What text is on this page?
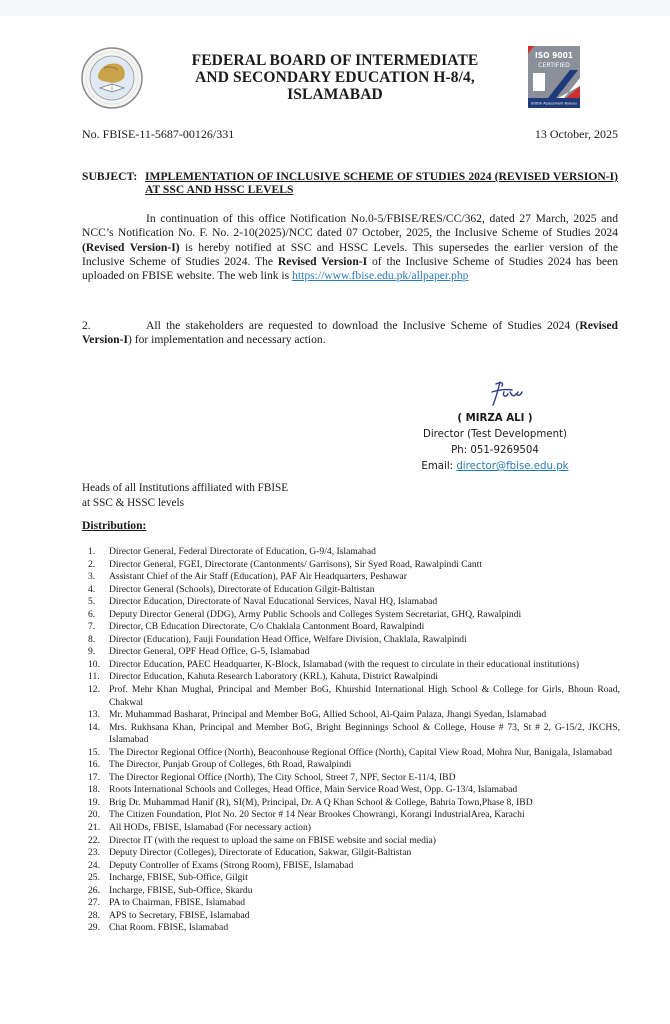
FEDERAL BOARD OF INTERMEDIATE
AND SECONDARY EDUCATION H-8/4,
ISLAMABAD
ISO 9001
CERTIFIED
British Assessment Bureau
No. FBISE-11-5687-00126/331	13 October, 2025
SUBJECT: IMPLEMENTATION OF INCLUSIVE SCHEME OF STUDIES 2024 (REVISED VERSION-I) AT SSC AND HSSC LEVELS
In continuation of this office Notification No.0-5/FBISE/RES/CC/362, dated 27 March, 2025 and NCC’s Notification No. F. No. 2-10(2025)/NCC dated 07 October, 2025, the Inclusive Scheme of Studies 2024 (Revised Version-I) is hereby notified at SSC and HSSC Levels. This supersedes the earlier version of the Inclusive Scheme of Studies 2024. The Revised Version-I of the Inclusive Scheme of Studies 2024 has been uploaded on FBISE website. The web link is https://www.fbise.edu.pk/allpaper.php
2.	All the stakeholders are requested to download the Inclusive Scheme of Studies 2024 (Revised Version-I) for implementation and necessary action.
( MIRZA ALI )
Director (Test Development)
Ph: 051-9269504
Email: director@fbise.edu.pk
Heads of all Institutions affiliated with FBISE
at SSC & HSSC levels
Distribution:
1.	Director General, Federal Directorate of Education, G-9/4, Islamabad
2.	Director General, FGEI, Directorate (Cantonments/ Garrisons), Sir Syed Road, Rawalpindi Cantt
3.	Assistant Chief of the Air Staff (Education), PAF Air Headquarters, Peshawar
4.	Director General (Schools), Directorate of Education Gilgit-Baltistan
5.	Director Education, Directorate of Naval Educational Services, Naval HQ, Islamabad
6.	Deputy Director General (DDG), Army Public Schools and Colleges System Secretariat, GHQ, Rawalpindi
7.	Director, CB Education Directorate, C/o Chaklala Cantonment Board, Rawalpindi
8.	Director (Education), Fauji Foundation Head Office, Welfare Division, Chaklala, Rawalpindi
9.	Director General, OPF Head Office, G-5, Islamabad
10. Director Education, PAEC Headquarter, K-Block, Islamabad (with the request to circulate in their educational institutions)
11. Director Education, Kahuta Research Laboratory (KRL), Kahuta, District Rawalpindi
12. Prof. Mehr Khan Mughal, Principal and Member BoG, Khurshid International High School & College for Girls, Bhoun Road, Chakwal
13. Mr. Muhammad Basharat, Principal and Member BoG, Allied School, Al-Qaim Palaza, Jhangi Syedan, Islamabad
14. Mrs. Rukhsana Khan, Principal and Member BoG, Bright Beginnings School & College, House # 73, St # 2, G-15/2, JKCHS, Islamabad
15. The Director Regional Office (North), Beaconhouse Regional Office (North), Capital View Road, Mohra Nur, Banigala, Islamabad
16. The Director, Punjab Group of Colleges, 6th Road, Rawalpindi
17. The Director Regional Office (North), The City School, Street 7, NPF, Sector E-11/4, IBD
18. Roots International Schools and Colleges, Head Office, Main Service Road West, Opp. G-13/4, Islamabad
19. Brig Dr. Muhammad Hanif (R), SI(M), Principal, Dr. A Q Khan School & College, Bahria Town,Phase 8, IBD
20. The Citizen Foundation, Plot No. 20 Sector # 14 Near Brookes Chowrangi, Korangi IndustrialArea, Karachi
21. All HODs, FBISE, Islamabad (For necessary action)
22. Director IT (with the request to upload the same on FBISE website and social media)
23. Deputy Director (Colleges), Directorate of Education, Sakwar, Gilgit-Baltistan
24. Deputy Controller of Exams (Strong Room), FBISE, Islamabad
25. Incharge, FBISE, Sub-Office, Gilgit
26. Incharge, FBISE, Sub-Office, Skardu
27. PA to Chairman, FBISE, Islamabad
28. APS to Secretary, FBISE, Islamabad
29. Chat Room. FBISE, Islamabad
